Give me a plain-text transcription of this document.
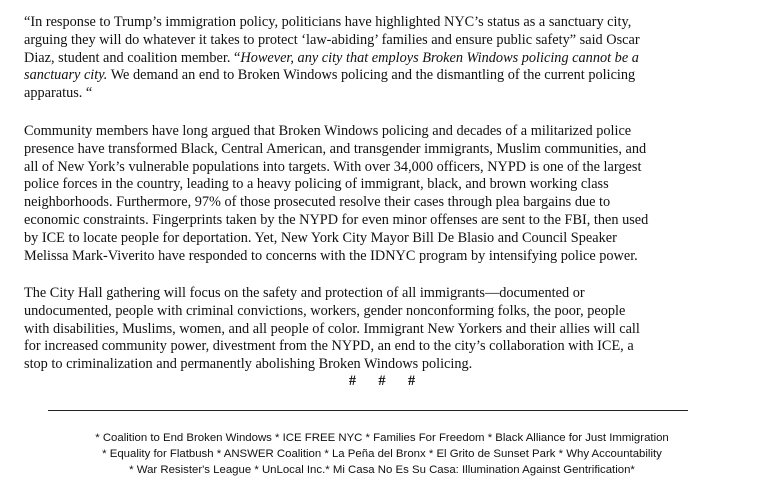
“In response to Trump’s immigration policy, politicians have highlighted NYC’s status as a sanctuary city,
arguing they will do whatever it takes to protect ‘law-abiding’ families and ensure public safety” said Oscar
Diaz, student and coalition member. “However, any city that employs Broken Windows policing cannot be a
sanctuary city. We demand an end to Broken Windows policing and the dismantling of the current policing
apparatus. “

Community members have long argued that Broken Windows policing and decades of a militarized police
presence have transformed Black, Central American, and transgender immigrants, Muslim communities, and
all of New York’s vulnerable populations into targets. With over 34,000 officers, NYPD is one of the largest
police forces in the country, leading to a heavy policing of immigrant, black, and brown working class
neighborhoods. Furthermore, 97% of those prosecuted resolve their cases through plea bargains due to
economic constraints. Fingerprints taken by the NYPD for even minor offenses are sent to the FBI, then used
by ICE to locate people for deportation. Yet, New York City Mayor Bill De Blasio and Council Speaker
Melissa Mark-Viverito have responded to concerns with the IDNYC program by intensifying police power.

The City Hall gathering will focus on the safety and protection of all immigrants—documented or
undocumented, people with criminal convictions, workers, gender nonconforming folks, the poor, people
with disabilities, Muslims, women, and all people of color. Immigrant New Yorkers and their allies will call
for increased community power, divestment from the NYPD, an end to the city’s collaboration with ICE, a
stop to criminalization and permanently abolishing Broken Windows policing.

# # #
* Coalition to End Broken Windows * ICE FREE NYC * Families For Freedom * Black Alliance for Just Immigration
* Equality for Flatbush * ANSWER Coalition * La Peña del Bronx * El Grito de Sunset Park * Why Accountability
* War Resister's League * UnLocal Inc.* Mi Casa No Es Su Casa: Illumination Against Gentrification*
